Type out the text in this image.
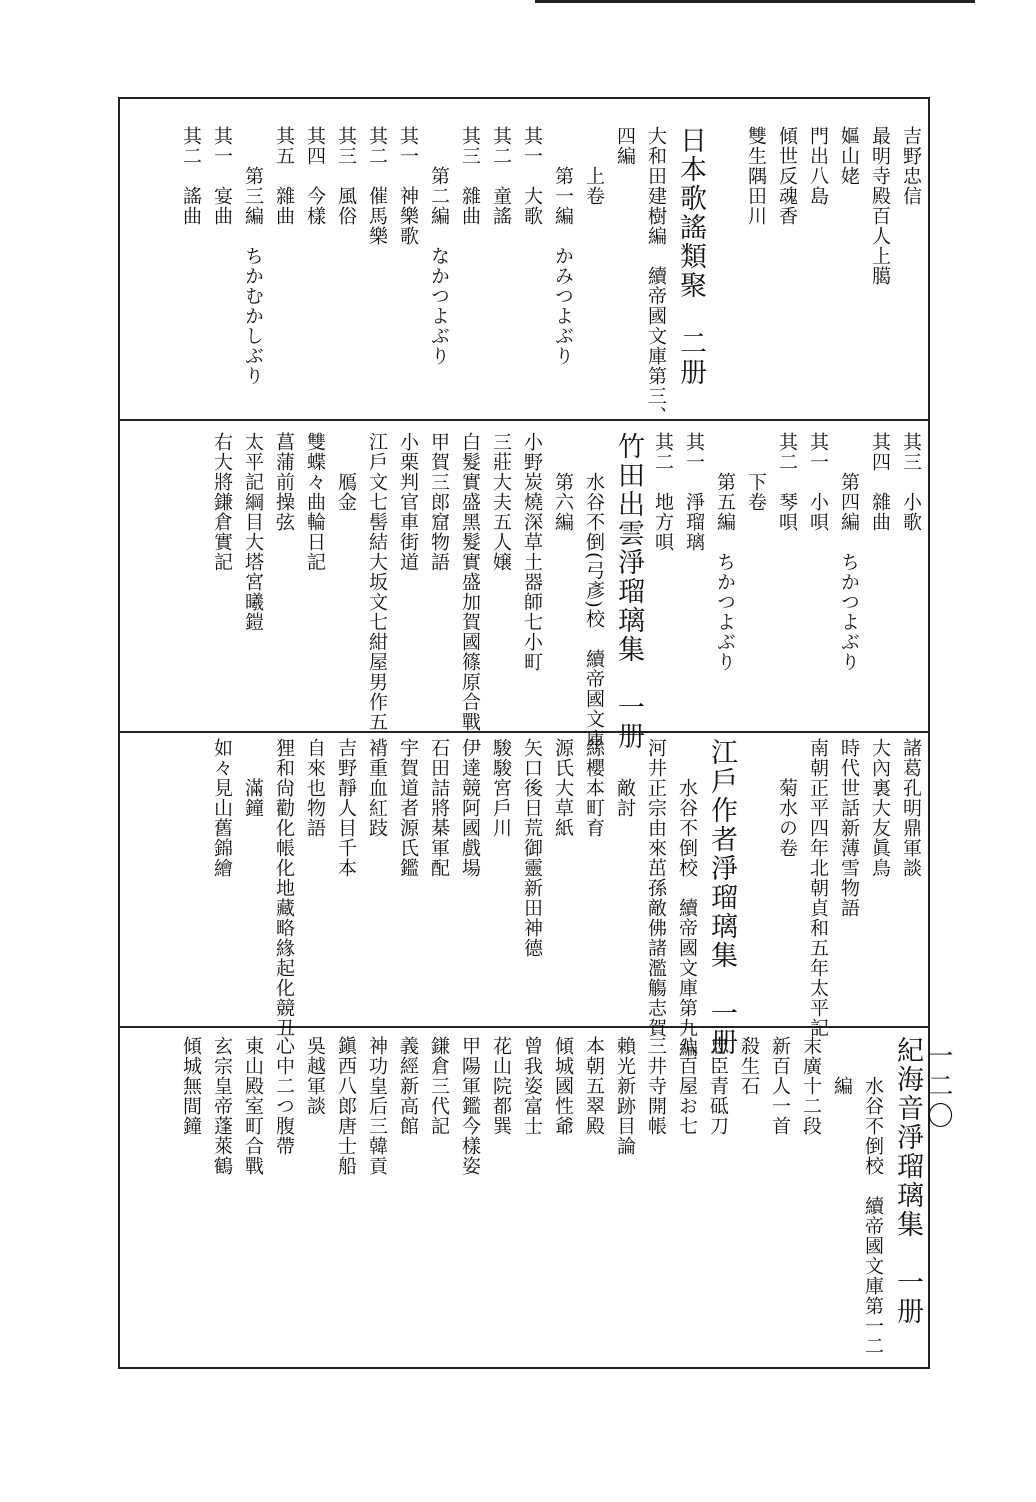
一二〇
吉野忠信
最明寺殿百人上臈
嫗山姥
門出八島
傾世反魂香
雙生隅田川
日本歌謠類聚　二册
大和田建樹編　續帝國文庫第三、
四編
上卷
第一編　かみつよぶり
其一　大歌
其二　童謠
其三　雜曲
第二編　なかつよぶり
其一　神樂歌
其二　催馬樂
其三　風俗
其四　今樣
其五　雜曲
第三編　ちかむかしぶり
其一　宴曲
其二　謠曲
其三　小歌
其四　雜曲
第四編　ちかつよぶり
其一　小唄
其二　琴唄
下卷
第五編　ちかつよぶり
其一　淨瑠璃
其二　地方唄
竹田出雲淨瑠璃集　一册
水谷不倒(弓彥)校　續帝國文庫
第六編
小野炭燒深草土器師七小町
三莊大夫五人嬢
白髮實盛黑髮實盛加賀國篠原合戰
甲賀三郎窟物語
小栗判官車街道
江戶文七髻結大坂文七紺屋男作五
鴈金
雙蝶々曲輪日記
菖蒲前操弦
太平記綱目大塔宮曦鎧
右大將鎌倉實記
諸葛孔明鼎軍談
大內裏大友眞鳥
時代世話新薄雪物語
南朝正平四年北朝貞和五年太平記
菊水の卷
江戶作者淨瑠璃集　一册
水谷不倒校　續帝國文庫第九編
河井正宗由來茁孫敵佛諸濫觴志賀
敵討
絲櫻本町育
源氏大草紙
矢口後日荒御靈新田神德
駿駿宮戶川
伊達競阿國戲場
石田詰將棊軍配
宇賀道者源氏鑑
褙重血紅跂
吉野靜人目千本
自來也物語
狸和尙勸化帳化地藏略緣起化競丑
滿鐘
如々見山舊錦繪
紀海音淨瑠璃集　一册
水谷不倒校　續帝國文庫第一二
編
末廣十二段
新百人一首
殺生石
忠臣青砥刀
八百屋お七
三井寺開帳
賴光新跡目論
本朝五翠殿
傾城國性爺
曾我姿富士
花山院都巽
甲陽軍鑑今樣姿
鎌倉三代記
義經新高館
神功皇后三韓貢
鎭西八郎唐士船
吳越軍談
心中二つ腹帶
東山殿室町合戰
玄宗皇帝蓬萊鶴
傾城無間鐘
